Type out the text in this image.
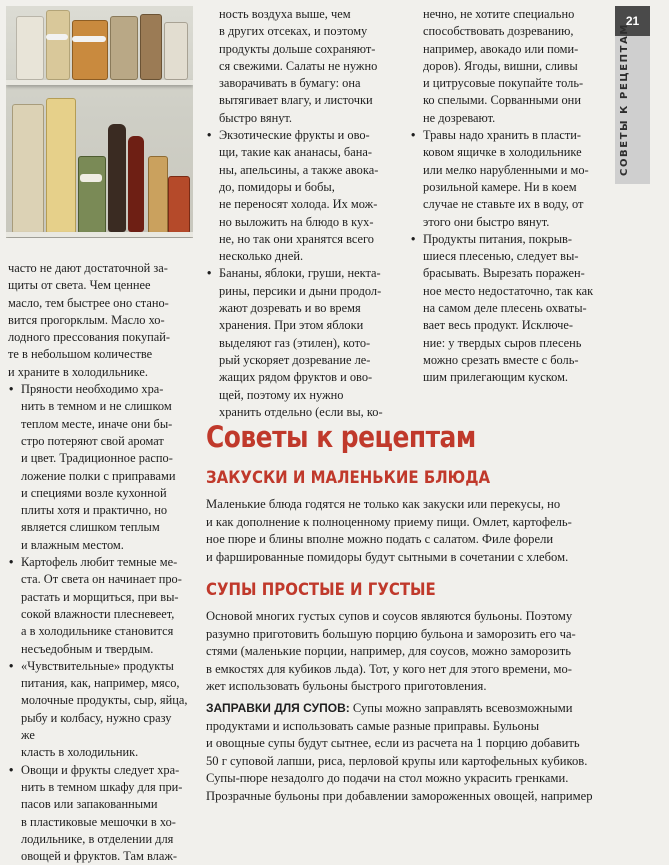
часто не дают достаточной за-
щиты от света. Чем ценнее
масло, тем быстрее оно стано-
вится прогорклым. Масло хо-
лодного прессования покупай-
те в небольшом количестве
и храните в холодильнике.

• Пряности необходимо хра-
нить в темном и не слишком
теплом месте, иначе они бы-
стро потеряют свой аромат
и цвет. Традиционное распо-
ложение полки с приправами
и специями возле кухонной
плиты хотя и практично, но
является слишком теплым
и влажным местом.
• Картофель любит темные ме-
ста. От света он начинает про-
растать и морщиться, при вы-
сокой влажности плесневеет,
а в холодильнике становится
несъедобным и твердым.
• «Чувствительные» продукты
питания, как, например, мясо,
молочные продукты, сыр, яйца,
рыбу и колбасу, нужно сразу же
класть в холодильник.
• Овощи и фрукты следует хра-
нить в темном шкафу для при-
пасов или запакованными
в пластиковые мешочки в хо-
лодильнике, в отделении для
овощей и фруктов. Там влаж-

ность воздуха выше, чем
в других отсеках, и поэтому
продукты дольше сохраняют-
ся свежими. Салаты не нужно
заворачивать в бумагу: она
вытягивает влагу, и листочки
быстро вянут.

• Экзотические фрукты и ово-
щи, такие как ананасы, бана-
ны, апельсины, а также авока-
до, помидоры и бобы,
не переносят холода. Их мож-
но выложить на блюдо в кух-
не, но так они хранятся всего
несколько дней.
• Бананы, яблоки, груши, некта-
рины, персики и дыни продол-
жают дозревать и во время
хранения. При этом яблоки
выделяют газ (этилен), кото-
рый ускоряет дозревание ле-
жащих рядом фруктов и ово-
щей, поэтому их нужно
хранить отдельно (если вы, ко-

нечно, не хотите специально
способствовать дозреванию,
например, авокадо или поми-
доров). Ягоды, вишни, сливы
и цитрусовые покупайте толь-
ко спелыми. Сорванными они
не дозревают.

• Травы надо хранить в пласти-
ковом ящичке в холодильнике
или мелко нарубленными и мо-
розильной камере. Ни в коем
случае не ставьте их в воду, от
этого они быстро вянут.
• Продукты питания, покрыв-
шиеся плесенью, следует вы-
брасывать. Вырезать поражен-
ное место недостаточно, так как
на самом деле плесень охваты-
вает весь продукт. Исключе-
ние: у твердых сыров плесень
можно срезать вместе с боль-
шим прилегающим куском.
21
СОВЕТЫ К РЕЦЕПТАМ
Советы к рецептам
ЗАКУСКИ И МАЛЕНЬКИЕ БЛЮДА

Маленькие блюда годятся не только как закуски или перекусы, но
и как дополнение к полноценному приему пищи. Омлет, картофель-
ное пюре и блины вполне можно подать с салатом. Филе форели
и фаршированные помидоры будут сытными в сочетании с хлебом.

СУПЫ ПРОСТЫЕ И ГУСТЫЕ

Основой многих густых супов и соусов являются бульоны. Поэтому
разумно приготовить большую порцию бульона и заморозить его ча-
стями (маленькие порции, например, для соусов, можно заморозить
в емкостях для кубиков льда). Тот, у кого нет для этого времени, мо-
жет использовать бульоны быстрого приготовления.

ЗАПРАВКИ ДЛЯ СУПОВ: Супы можно заправлять всевозможными
продуктами и использовать самые разные приправы. Бульоны
и овощные супы будут сытнее, если из расчета на 1 порцию добавить
50 г суповой лапши, риса, перловой крупы или картофельных кубиков.
Супы-пюре незадолго до подачи на стол можно украсить гренками.
Прозрачные бульоны при добавлении замороженных овощей, например
